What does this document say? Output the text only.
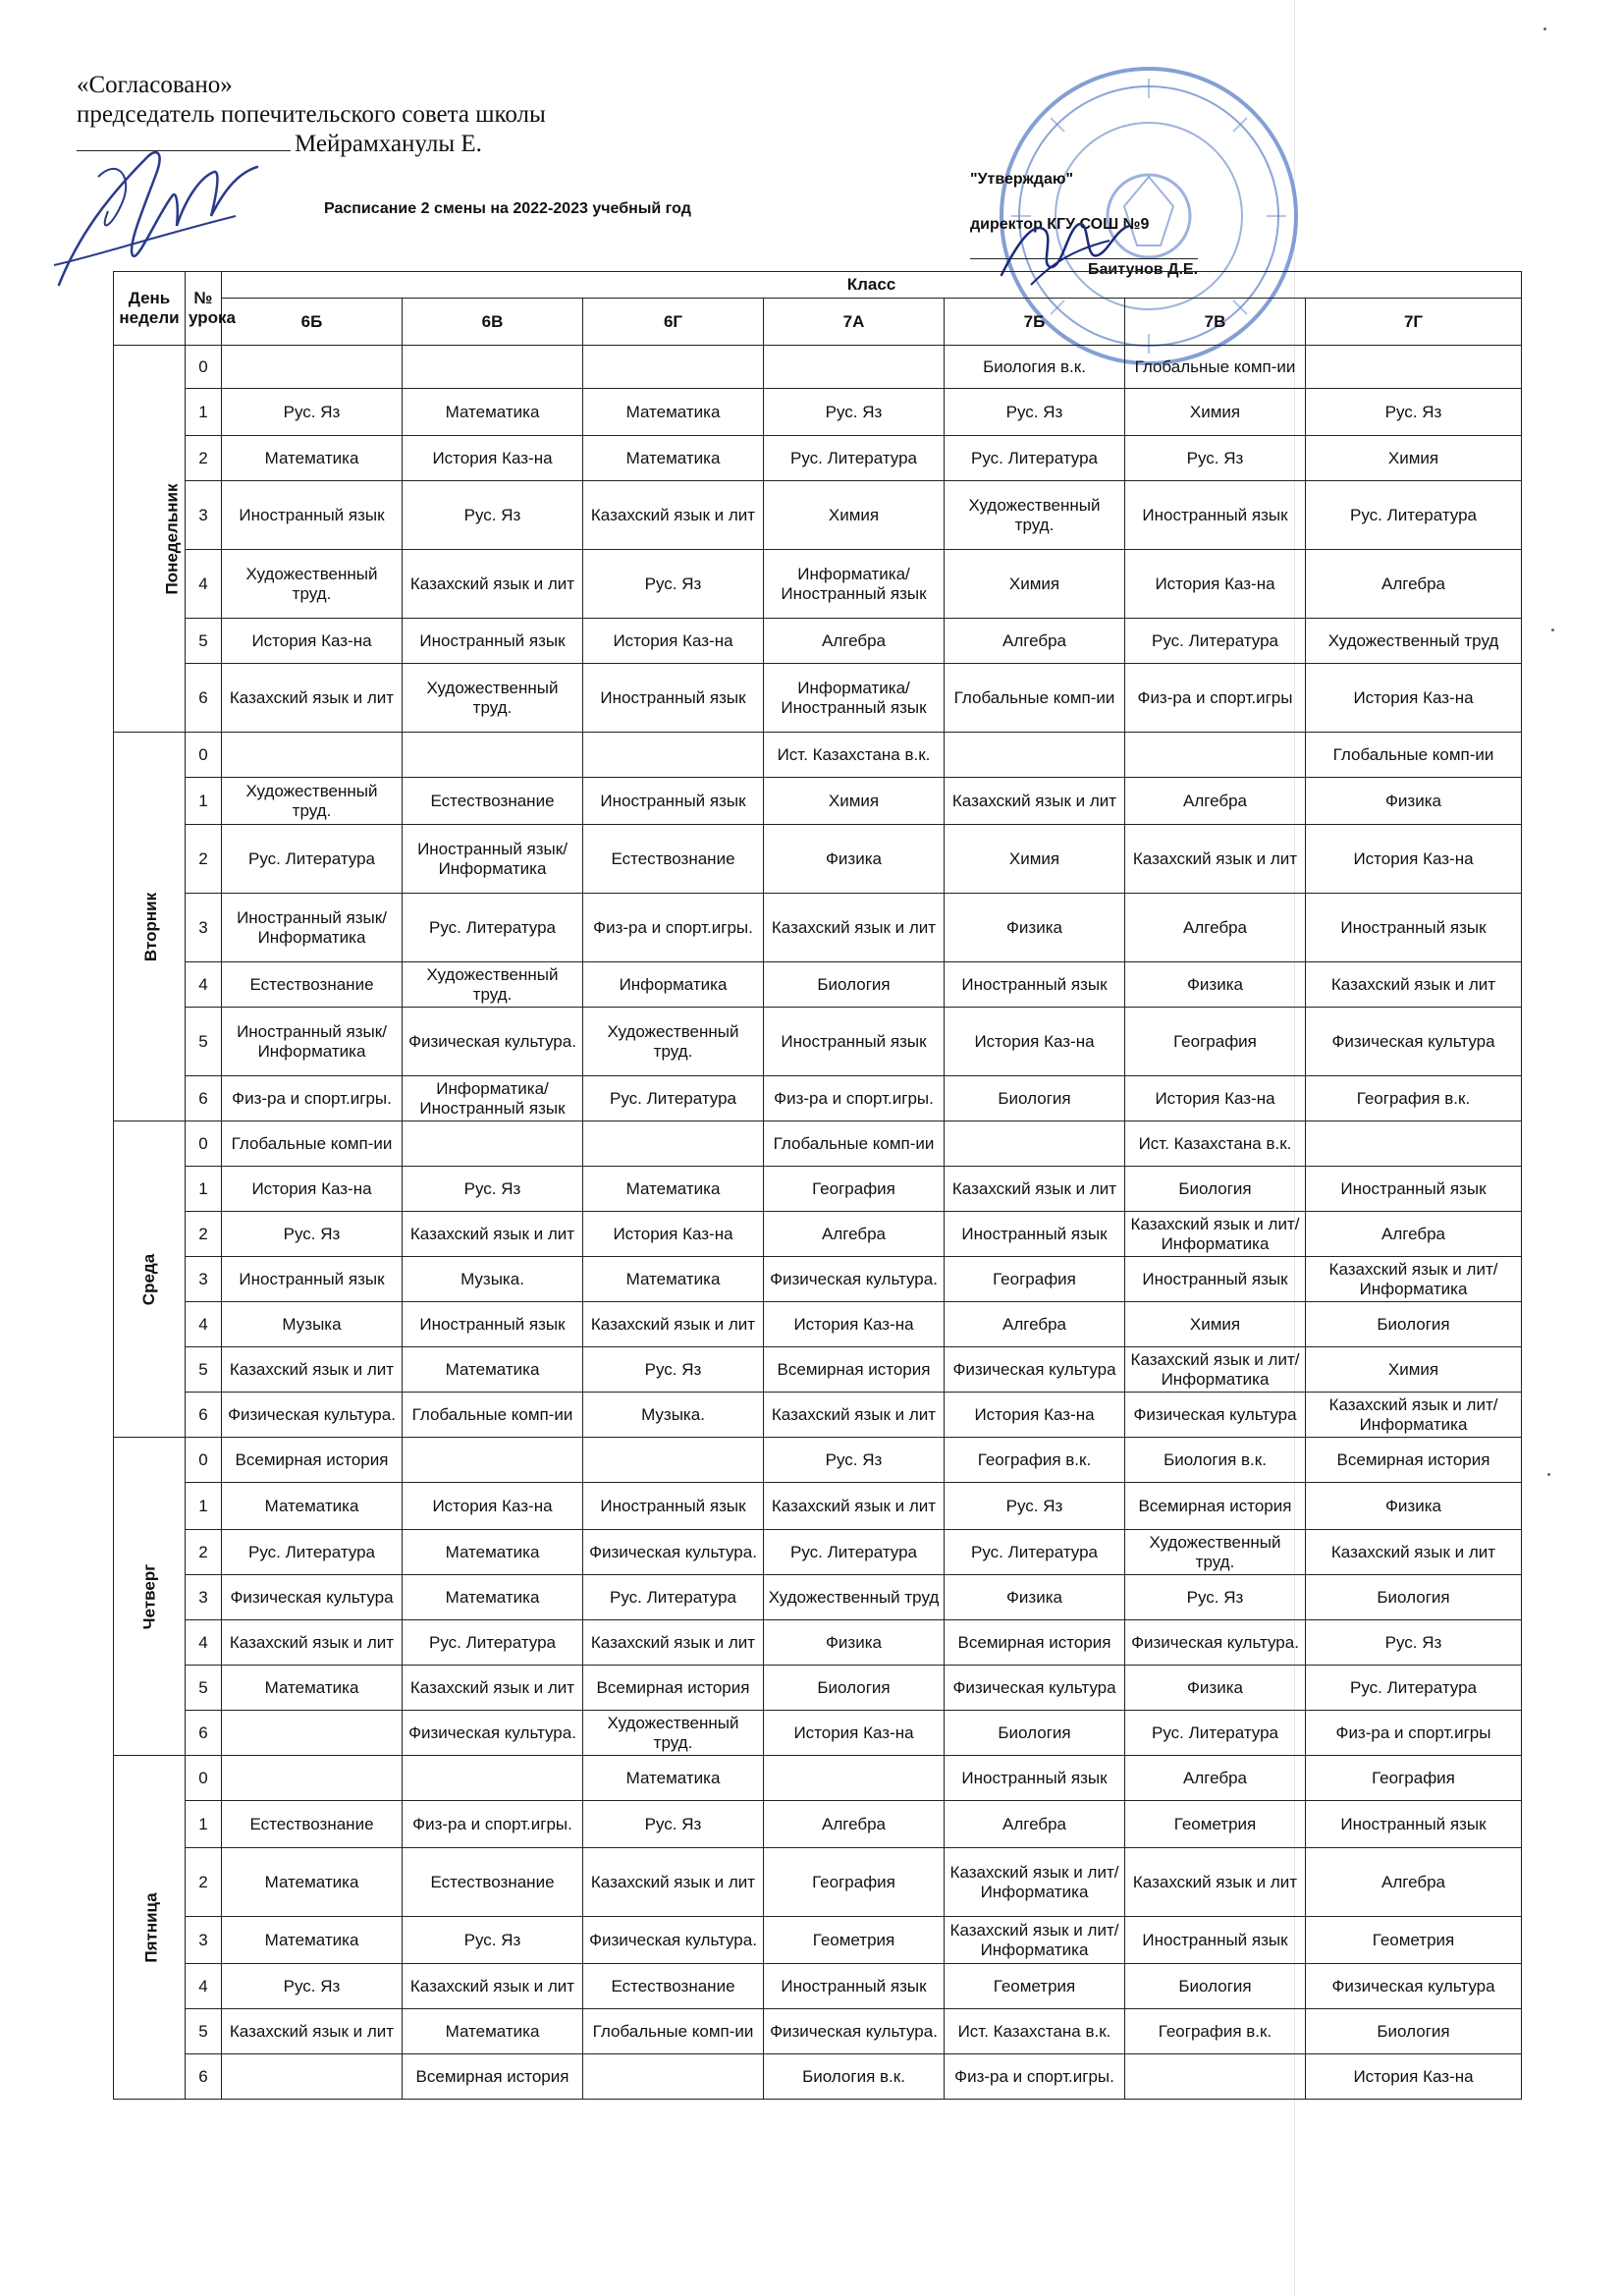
«Согласовано»
председатель попечительского совета школы
Мейрамханулы Е.
Расписание 2 смены на 2022-2023 учебный год
"Утверждаю"
директор КГУ СОШ №9
Баитунов Д.Е.
День недели	№ урока	Класс						
		6Б	6В	6Г	7А	7Б	7В	7Г
Понедельник	0					Биология в.к.	Глобальные комп-ии	
	1	Рус. Яз	Математика	Математика	Рус. Яз	Рус. Яз	Химия	Рус. Яз
	2	Математика	История Каз-на	Математика	Рус. Литература	Рус. Литература	Рус. Яз	Химия
	3	Иностранный язык	Рус. Яз	Казахский язык и лит	Химия	Художественный труд.	Иностранный язык	Рус. Литература
	4	Художественный труд.	Казахский язык и лит	Рус. Яз	Информатика/ Иностранный язык	Химия	История Каз-на	Алгебра
	5	История Каз-на	Иностранный язык	История Каз-на	Алгебра	Алгебра	Рус. Литература	Художественный труд
	6	Казахский язык и лит	Художественный труд.	Иностранный язык	Информатика/ Иностранный язык	Глобальные комп-ии	Физ-ра и спорт.игры	История Каз-на
Вторник	0				Ист. Казахстана в.к.			Глобальные комп-ии
	1	Художественный труд.	Естествознание	Иностранный язык	Химия	Казахский язык и лит	Алгебра	Физика
	2	Рус. Литература	Иностранный язык/Информатика	Естествознание	Физика	Химия	Казахский язык и лит	История Каз-на
	3	Иностранный язык/ Информатика	Рус. Литература	Физ-ра и спорт.игры.	Казахский язык и лит	Физика	Алгебра	Иностранный язык
	4	Естествознание	Художественный труд.	Информатика	Биология	Иностранный язык	Физика	Казахский язык и лит
	5	Иностранный язык/ Информатика	Физическая культура.	Художественный труд.	Иностранный язык	История Каз-на	География	Физическая культура
	6	Физ-ра и спорт.игры.	Информатика/Иностранный язык	Рус. Литература	Физ-ра и спорт.игры.	Биология	История Каз-на	География в.к.
Среда	0	Глобальные комп-ии			Глобальные комп-ии		Ист. Казахстана в.к.	
	1	История Каз-на	Рус. Яз	Математика	География	Казахский язык и лит	Биология	Иностранный язык
	2	Рус. Яз	Казахский язык и лит	История Каз-на	Алгебра	Иностранный язык	Казахский язык и лит/ Информатика	Алгебра
	3	Иностранный язык	Музыка.	Математика	Физическая культура.	География	Иностранный язык	Казахский язык и лит/Информатика
	4	Музыка	Иностранный язык	Казахский язык и лит	История Каз-на	Алгебра	Химия	Биология
	5	Казахский язык и лит	Математика	Рус. Яз	Всемирная история	Физическая культура	Казахский язык и лит/ Информатика	Химия
	6	Физическая культура.	Глобальные комп-ии	Музыка.	Казахский язык и лит	История Каз-на	Физическая культура	Казахский язык и лит/Информатика
Четверг	0	Всемирная история			Рус. Яз	География в.к.	Биология в.к.	Всемирная история
	1	Математика	История Каз-на	Иностранный язык	Казахский язык и лит	Рус. Яз	Всемирная история	Физика
	2	Рус. Литература	Математика	Физическая культура.	Рус. Литература	Рус. Литература	Художественный труд.	Казахский язык и лит
	3	Физическая культура	Математика	Рус. Литература	Художественный труд	Физика	Рус. Яз	Биология
	4	Казахский язык и лит	Рус. Литература	Казахский язык и лит	Физика	Всемирная история	Физическая культура.	Рус. Яз
	5	Математика	Казахский язык и лит	Всемирная история	Биология	Физическая культура	Физика	Рус. Литература
	6		Физическая культура.	Художественный труд.	История Каз-на	Биология	Рус. Литература	Физ-ра и спорт.игры
Пятница	0			Математика		Иностранный язык	Алгебра	География
	1	Естествознание	Физ-ра и спорт.игры.	Рус. Яз	Алгебра	Алгебра	Геометрия	Иностранный язык
	2	Математика	Естествознание	Казахский язык и лит	География	Казахский язык и лит/ Информатика	Казахский язык и лит	Алгебра
	3	Математика	Рус. Яз	Физическая культура.	Геометрия	Казахский язык и лит/ Информатика	Иностранный язык	Геометрия
	4	Рус. Яз	Казахский язык и лит	Естествознание	Иностранный язык	Геометрия	Биология	Физическая культура
	5	Казахский язык и лит	Математика	Глобальные комп-ии	Физическая культура.	Ист. Казахстана в.к.	География в.к.	Биология
	6		Всемирная история		Биология в.к.	Физ-ра и спорт.игры.		История Каз-на
